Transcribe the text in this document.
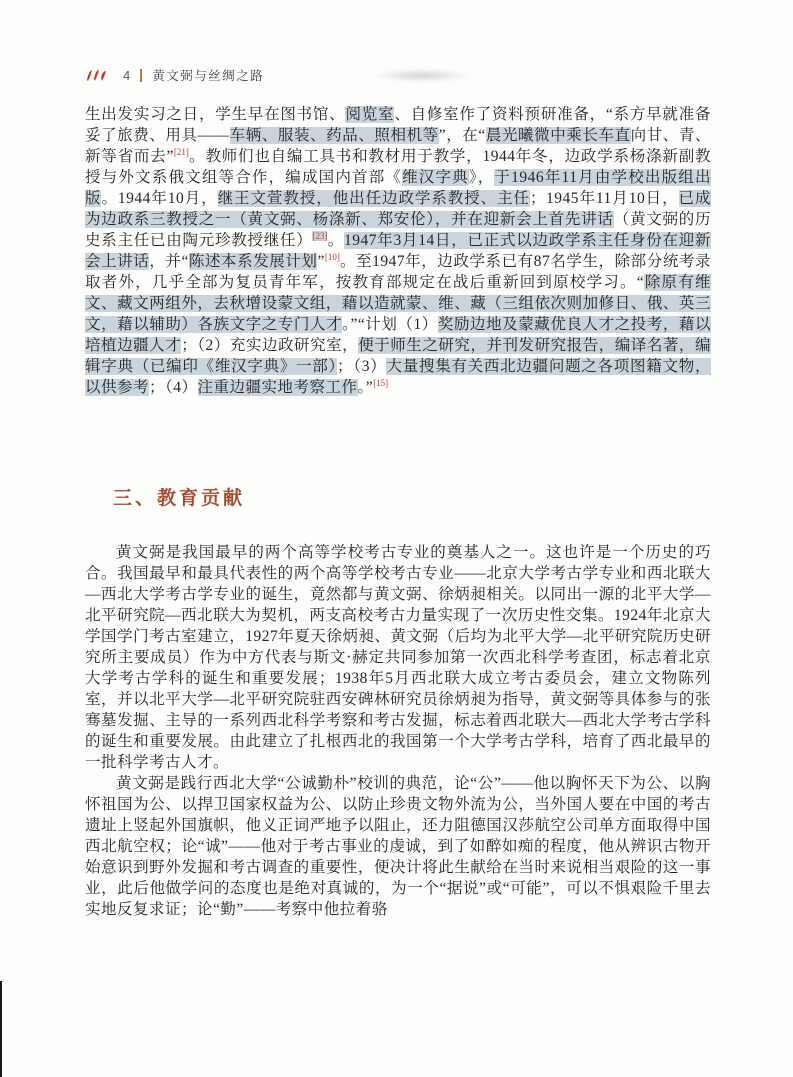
4 黄文弼与丝绸之路

生出发实习之日，学生早在图书馆、阅览室、自修室作了资料预研准备，“系方早就准备妥了旅费、用具——车辆、服装、药品、照相机等”，在“晨光曦微中乘长车直向甘、青、新等省而去”[21]。教师们也自编工具书和教材用于教学，1944年冬，边政学系杨涤新副教授与外文系俄文组等合作，编成国内首部《维汉字典》，于1946年11月由学校出版组出版。1944年10月，继王文萱教授，他出任边政学系教授、主任；1945年11月10日，已成为边政系三教授之一（黄文弼、杨涤新、郑安伦），并在迎新会上首先讲话（黄文弼的历史系主任已由陶元珍教授继任）[23]。1947年3月14日，已正式以边政学系主任身份在迎新会上讲话，并“陈述本系发展计划”[10]。至1947年，边政学系已有87名学生，除部分统考录取者外，几乎全部为复员青年军，按教育部规定在战后重新回到原校学习。“除原有维文、藏文两组外，去秋增设蒙文组，藉以造就蒙、维、藏（三组依次则加修日、俄、英三文，藉以辅助）各族文字之专门人才。”“计划（1）奖励边地及蒙藏优良人才之投考，藉以培植边疆人才；（2）充实边政研究室，便于师生之研究，并刊发研究报告，编译名著，编辑字典（已编印《维汉字典》一部）；（3）大量搜集有关西北边疆问题之各项图籍文物，以供参考；（4）注重边疆实地考察工作。”[15]

三、教育贡献

黄文弼是我国最早的两个高等学校考古专业的奠基人之一。这也许是一个历史的巧合。我国最早和最具代表性的两个高等学校考古专业——北京大学考古学专业和西北联大—西北大学考古学专业的诞生，竟然都与黄文弼、徐炳昶相关。以同出一源的北平大学—北平研究院—西北联大为契机，两支高校考古力量实现了一次历史性交集。1924年北京大学国学门考古室建立，1927年夏天徐炳昶、黄文弼（后均为北平大学—北平研究院历史研究所主要成员）作为中方代表与斯文·赫定共同参加第一次西北科学考查团，标志着北京大学考古学科的诞生和重要发展；1938年5月西北联大成立考古委员会，建立文物陈列室，并以北平大学—北平研究院驻西安碑林研究员徐炳昶为指导，黄文弼等具体参与的张骞墓发掘、主导的一系列西北科学考察和考古发掘，标志着西北联大—西北大学考古学科的诞生和重要发展。由此建立了扎根西北的我国第一个大学考古学科，培育了西北最早的一批科学考古人才。

黄文弼是践行西北大学“公诚勤朴”校训的典范，论“公”——他以胸怀天下为公、以胸怀祖国为公、以捍卫国家权益为公、以防止珍贵文物外流为公，当外国人要在中国的考古遗址上竖起外国旗帜，他义正词严地予以阻止，还力阻德国汉莎航空公司单方面取得中国西北航空权；论“诚”——他对于考古事业的虔诚，到了如醉如痴的程度，他从辨识古物开始意识到野外发掘和考古调查的重要性，便决计将此生献给在当时来说相当艰险的这一事业，此后他做学问的态度也是绝对真诚的，为一个“据说”或“可能”，可以不惧艰险千里去实地反复求证；论“勤”——考察中他拉着骆
